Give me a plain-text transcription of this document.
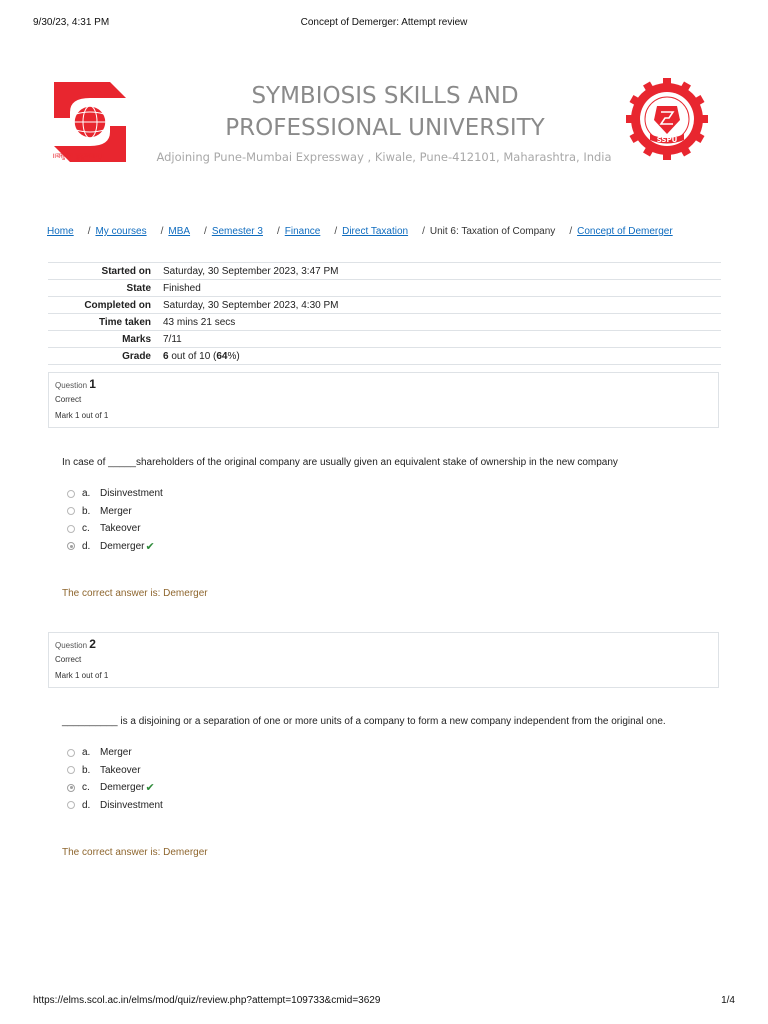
9/30/23, 4:31 PM	Concept of Demerger: Attempt review
॥वसुधैव कुटुम्बकम्॥
SYMBIOSIS SKILLS AND
PROFESSIONAL UNIVERSITY
Adjoining Pune-Mumbai Expressway , Kiwale, Pune-412101, Maharashtra, India
SSPU
Home / My courses / MBA / Semester 3 / Finance / Direct Taxation / Unit 6: Taxation of Company / Concept of Demerger
Started on	Saturday, 30 September 2023, 3:47 PM
State	Finished
Completed on	Saturday, 30 September 2023, 4:30 PM
Time taken	43 mins 21 secs
Marks	7/11
Grade	6 out of 10 (64%)
Question 1
Correct
Mark 1 out of 1
In case of _____shareholders of the original company are usually given an equivalent stake of ownership in the new company
a. Disinvestment
b. Merger
c.	Takeover
d. Demerger ✔
The correct answer is: Demerger
Question 2
Correct
Mark 1 out of 1
__________ is a disjoining or a separation of one or more units of a company to form a new company independent from the original one.
a. Merger
b. Takeover
c.	Demerger ✔
d. Disinvestment
The correct answer is: Demerger
https://elms.scol.ac.in/elms/mod/quiz/review.php?attempt=109733&cmid=3629	1/4
